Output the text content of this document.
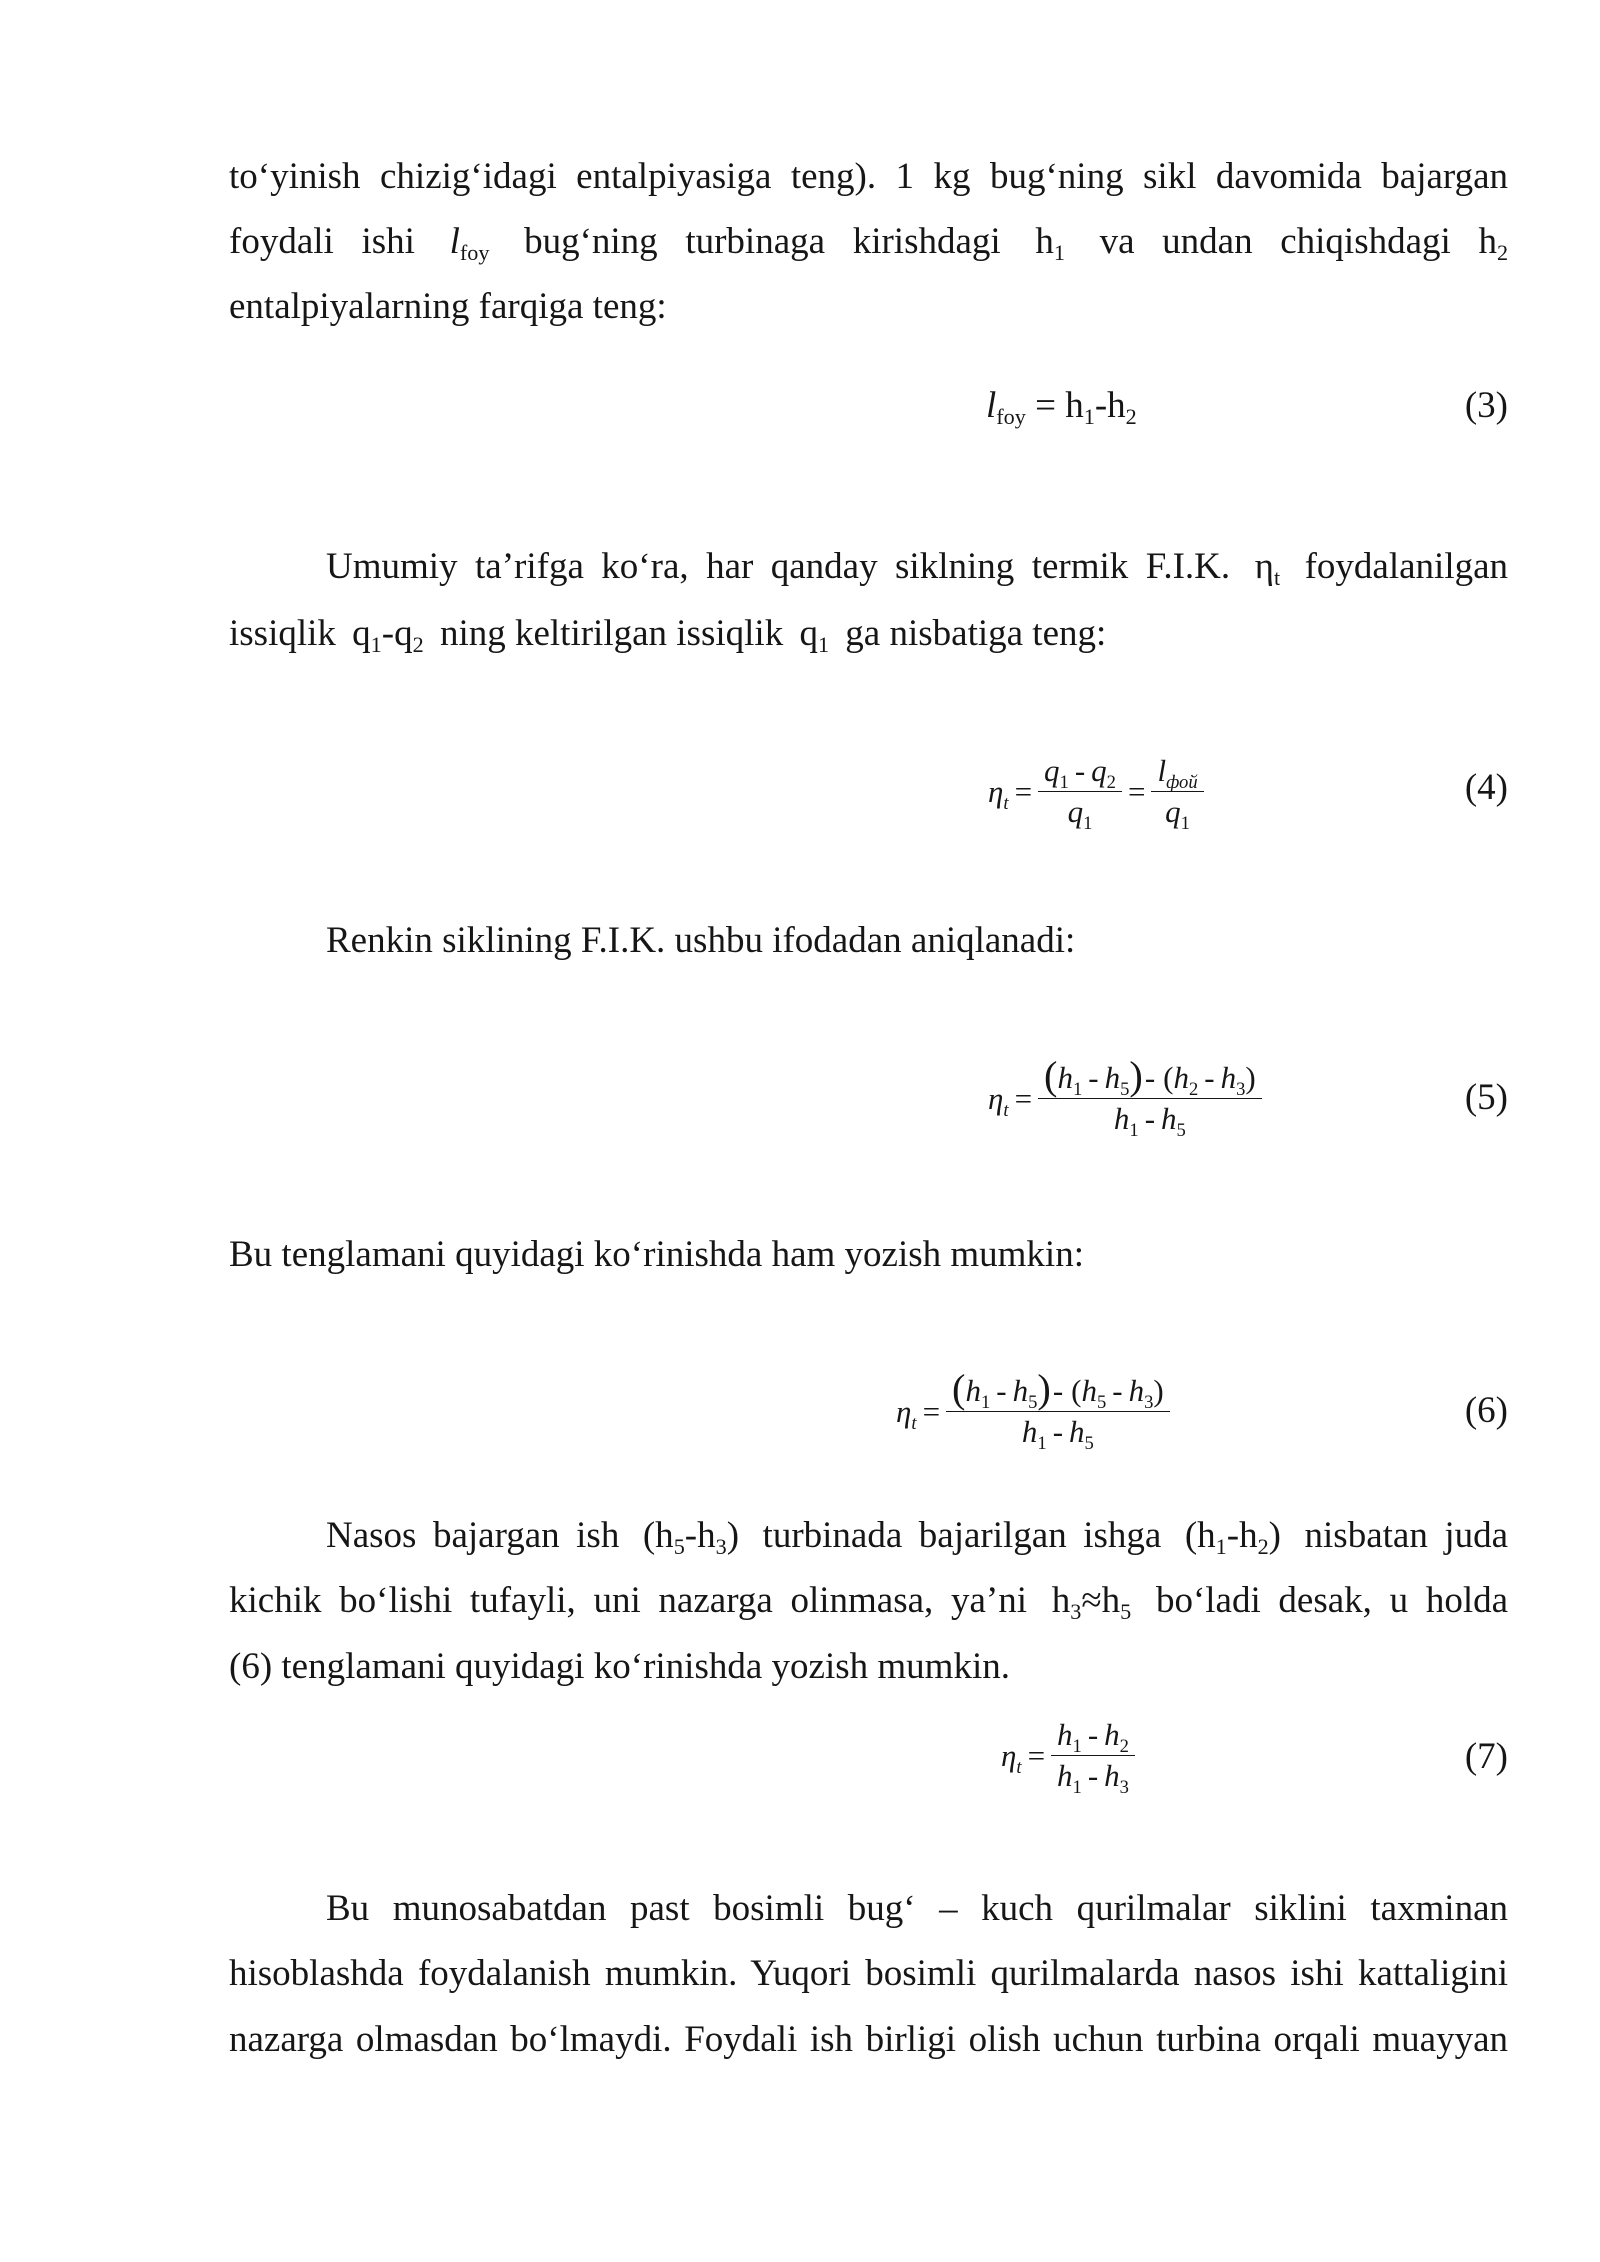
to‘yinish chizig‘idagi entalpiyasiga teng). 1 kg bug‘ning sikl davomida bajargan
foydali ishi lfoy bug‘ning turbinaga kirishdagi h1 va undan chiqishdagi h2
entalpiyalarning farqiga teng:
lfoy = h1-h2	(3)
Umumiy ta’rifga ko‘ra, har qanday siklning termik F.I.K. ηt foydalanilgan
issiqlik q1-q2 ning keltirilgan issiqlik q1 ga nisbatiga teng:
$\eta_t = \frac{q_1 - q_2}{q_1} = \frac{l_{фой}}{q_1}$	(4)
Renkin siklining F.I.K. ushbu ifodadan aniqlanadi:
$\eta_t = \frac{(h_1 - h_5)- (h_2 - h_3)}{h_1 - h_5}$	(5)
Bu tenglamani quyidagi ko‘rinishda ham yozish mumkin:
$\eta_t = \frac{(h_1 - h_5)- (h_5 - h_3)}{h_1 - h_5}$	(6)
Nasos bajargan ish (h5-h3) turbinada bajarilgan ishga (h1-h2) nisbatan juda
kichik bo‘lishi tufayli, uni nazarga olinmasa, ya’ni h3≈h5 bo‘ladi desak, u holda
(6) tenglamani quyidagi ko‘rinishda yozish mumkin.
$\eta_t = \frac{h_1 - h_2}{h_1 - h_3}$	(7)
Bu munosabatdan past bosimli bug‘ – kuch qurilmalar siklini taxminan
hisoblashda foydalanish mumkin. Yuqori bosimli qurilmalarda nasos ishi kattaligini
nazarga olmasdan bo‘lmaydi. Foydali ish birligi olish uchun turbina orqali muayyan
